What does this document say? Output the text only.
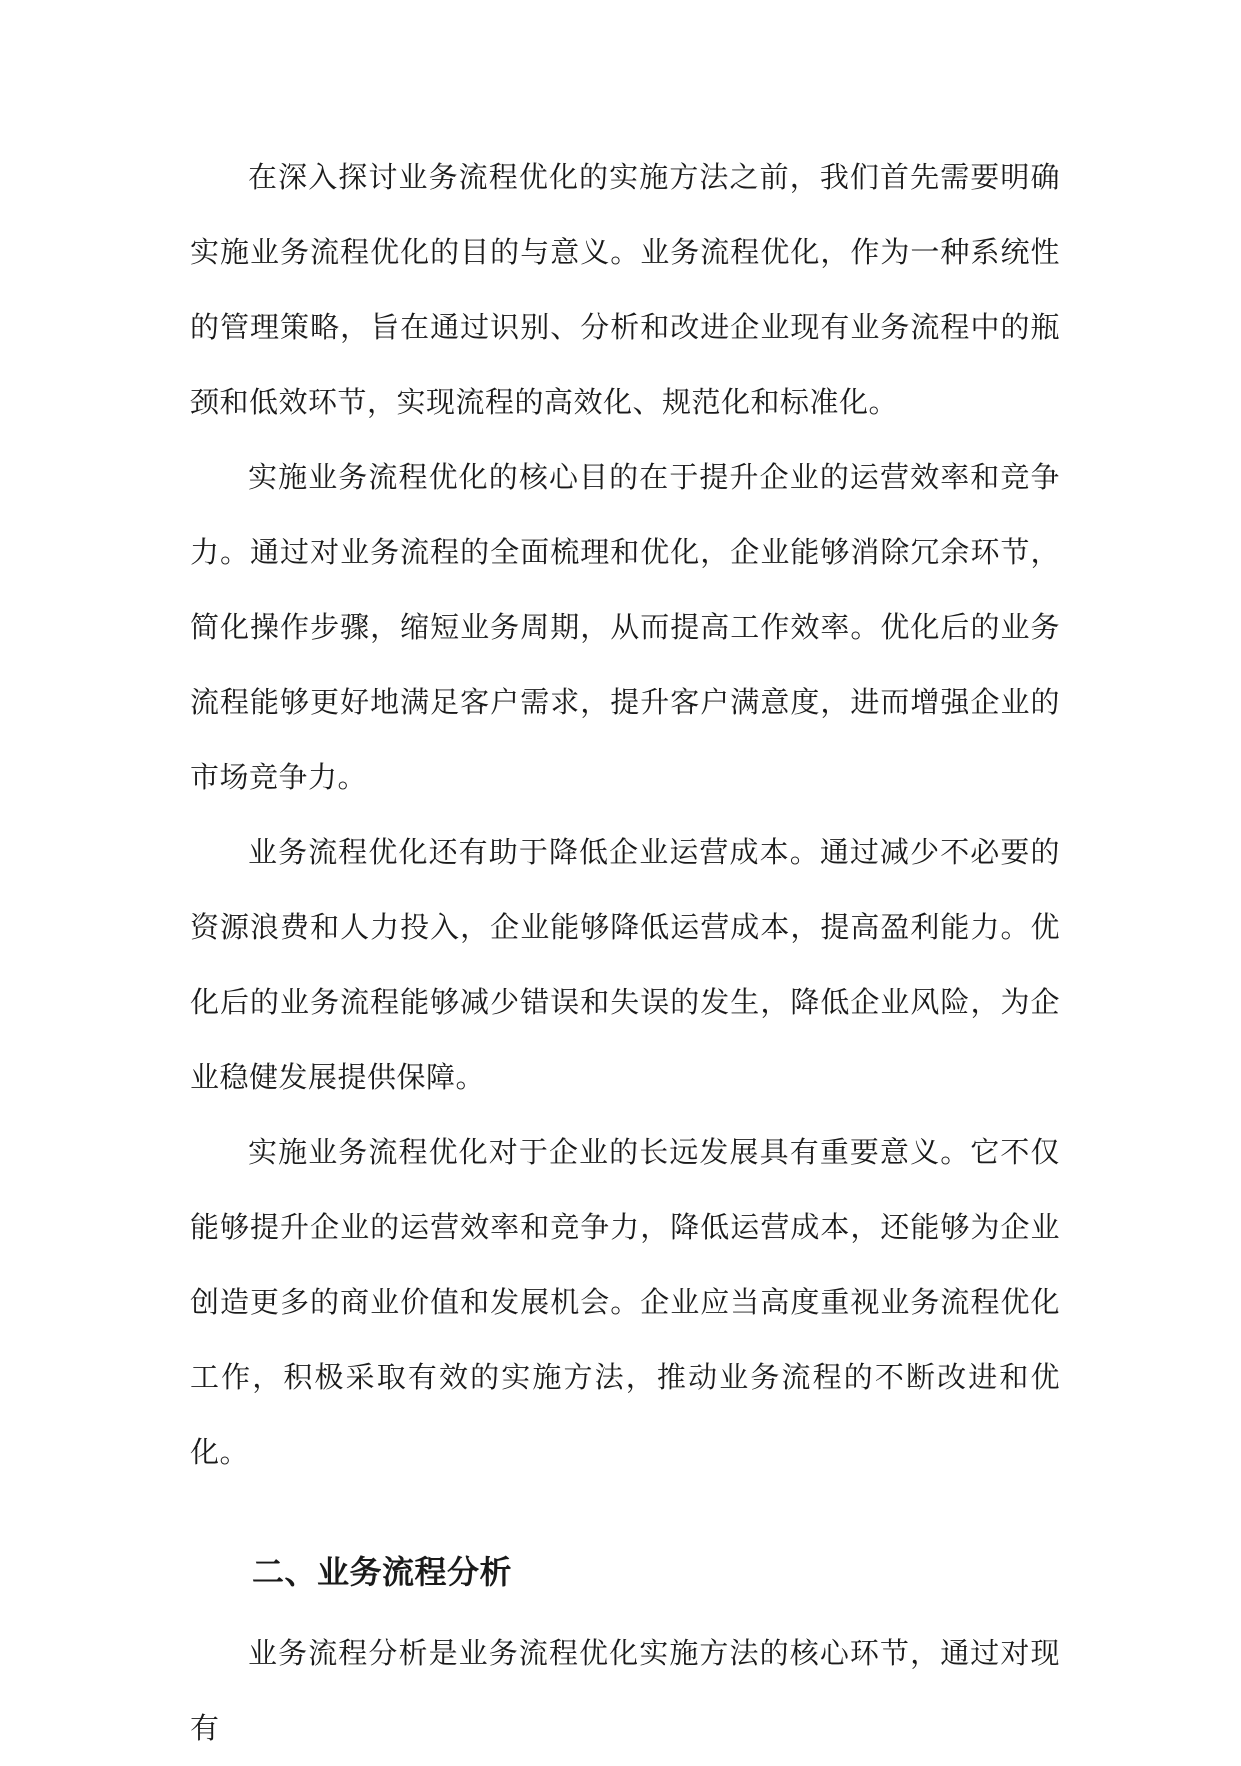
在深入探讨业务流程优化的实施方法之前，我们首先需要明确实施业务流程优化的目的与意义。业务流程优化，作为一种系统性的管理策略，旨在通过识别、分析和改进企业现有业务流程中的瓶颈和低效环节，实现流程的高效化、规范化和标准化。

实施业务流程优化的核心目的在于提升企业的运营效率和竞争力。通过对业务流程的全面梳理和优化，企业能够消除冗余环节，简化操作步骤，缩短业务周期，从而提高工作效率。优化后的业务流程能够更好地满足客户需求，提升客户满意度，进而增强企业的市场竞争力。

业务流程优化还有助于降低企业运营成本。通过减少不必要的资源浪费和人力投入，企业能够降低运营成本，提高盈利能力。优化后的业务流程能够减少错误和失误的发生，降低企业风险，为企业稳健发展提供保障。

实施业务流程优化对于企业的长远发展具有重要意义。它不仅能够提升企业的运营效率和竞争力，降低运营成本，还能够为企业创造更多的商业价值和发展机会。企业应当高度重视业务流程优化工作，积极采取有效的实施方法，推动业务流程的不断改进和优化。

二、业务流程分析

业务流程分析是业务流程优化实施方法的核心环节，通过对现有
